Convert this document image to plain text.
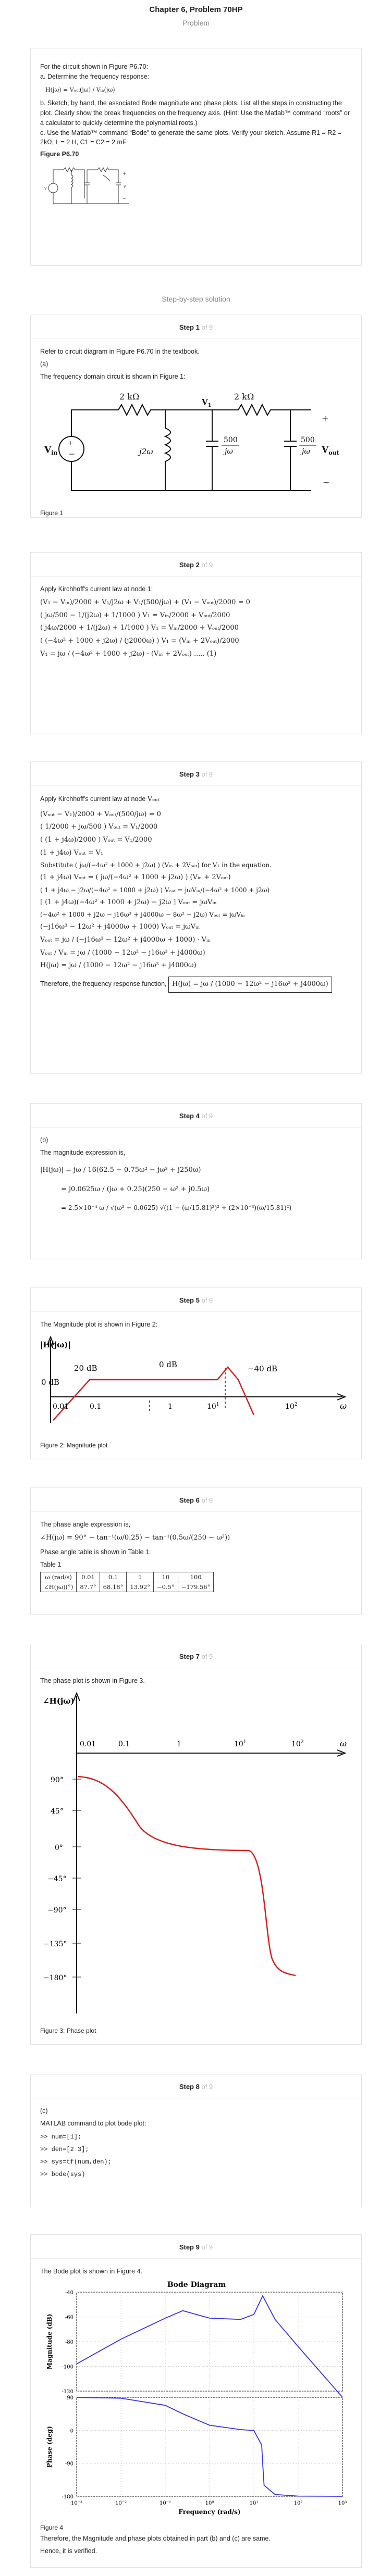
Chapter 6, Problem 70HP
Problem
For the circuit shown in Figure P6.70:
a. Determine the frequency response:
H(jω) = Vₒᵤₜ(jω) / Vᵢₙ(jω)
b. Sketch, by hand, the associated Bode magnitude and phase plots. List all the steps in constructing the plot. Clearly show the break frequencies on the frequency axis. (Hint: Use the Matlab™ command “roots” or a calculator to quickly determine the polynomial roots.)
c. Use the Matlab™ command “Bode” to generate the same plots. Verify your sketch. Assume R1 = R2 = 2kΩ, L = 2 H, C1 = C2 = 2 mF
Figure P6.70
v
+
v
−
Step-by-step solution
Step 1 of 9
Refer to circuit diagram in Figure P6.70 in the textbook.
(a)
The frequency domain circuit is shown in Figure 1:
+
−
$V_{in}$
2 kΩ	2 kΩ
j2ω
500
jω
500
jω
$V_1$
+
$V_{out}$
−
Figure 1
Step 2 of 9
Apply Kirchhoff's current law at node 1:
(V₁ − Vᵢₙ)/2000 + V₁/j2ω + V₁/(500/jω) + (V₁ − Vₒᵤₜ)/2000 = 0
( jω/500 − 1/(j2ω) + 1/1000 ) V₁ = Vᵢₙ/2000 + Vₒᵤₜ/2000
( j4ω/2000 + 1/(j2ω) + 1/1000 ) V₁ = Vᵢₙ/2000 + Vₒᵤₜ/2000
( (−4ω² + 1000 + j2ω) / (j2000ω) ) V₁ = (Vᵢₙ + 2Vₒᵤₜ)/2000
V₁ = jω / (−4ω² + 1000 + j2ω) · (Vᵢₙ + 2Vₒᵤₜ) ..... (1)
Step 3 of 9
Apply Kirchhoff's current law at node Vₒᵤₜ
(Vₒᵤₜ − V₁)/2000 + Vₒᵤₜ/(500/jω) = 0
( 1/2000 + jω/500 ) Vₒᵤₜ = V₁/2000
( (1 + j4ω)/2000 ) Vₒᵤₜ = V₁/2000
(1 + j4ω) Vₒᵤₜ = V₁
Substitute ( jω/(−4ω² + 1000 + j2ω) ) (Vᵢₙ + 2Vₒᵤₜ) for V₁ in the equation.
(1 + j4ω) Vₒᵤₜ = ( jω/(−4ω² + 1000 + j2ω) ) (Vᵢₙ + 2Vₒᵤₜ)
( 1 + j4ω − j2ω/(−4ω² + 1000 + j2ω) ) Vₒᵤₜ = jωVᵢₙ/(−4ω² + 1000 + j2ω)
[ (1 + j4ω)(−4ω² + 1000 + j2ω) − j2ω ] Vₒᵤₜ = jωVᵢₙ
(−4ω² + 1000 + j2ω − j16ω³ + j4000ω − 8ω² − j2ω) Vₒᵤₜ = jωVᵢₙ
(−j16ω³ − 12ω² + j4000ω + 1000) Vₒᵤₜ = jωVᵢₙ
Vₒᵤₜ = jω / (−j16ω³ − 12ω² + j4000ω + 1000) · Vᵢₙ
Vₒᵤₜ / Vᵢₙ = jω / (1000 − 12ω² − j16ω³ + j4000ω)
H(jω) = jω / (1000 − 12ω² − j16ω³ + j4000ω)
Therefore, the frequency response function, H(jω) = jω / (1000 − 12ω² − j16ω³ + j4000ω)
Step 4 of 9
(b)
The magnitude expression is,
|H(jω)| = jω / 16(62.5 − 0.75ω² − jω³ + j250ω)
= j0.0625ω / (jω + 0.25)(250 − ω² + j0.5ω)
= 2.5×10⁻⁴ ω / √(ω² + 0.0625) √((1 − (ω/15.81)²)² + (2×10⁻³)(ω/15.81)²)
Step 5 of 9
The Magnitude plot is shown in Figure 2:
|H(jω)|
0 dB
20 dB	0 dB	−40 dB
0.01	0.1	1	$10^1$	$10^2$	ω
Figure 2: Magnitude plot
Step 6 of 9
The phase angle expression is,
∠H(jω) = 90° − tan⁻¹(ω/0.25) − tan⁻¹(0.5ω/(250 − ω²))
Phase angle table is shown in Table 1:
Table 1
ω (rad/s)	0.01	0.1	1	10	100
∠H(jω)(°)	87.7°	68.18°	13.92°	−0.5°	−179.56°
Step 7 of 9
The phase plot is shown in Figure 3.
∠H(jω)
90°
45°
0°
−45°
−90°
−135°
−180°
0.01	0.1	1	$10^1$	$10^2$	ω
Figure 3: Phase plot
Step 8 of 9
(c)
MATLAB command to plot bode plot:
>> num=[1];
>> den=[2 3];
>> sys=tf(num,den);
>> bode(sys)
Step 9 of 9
The Bode plot is shown in Figure 4.
Bode Diagram
-40
-60
-80
-100
-120
90
0
-90
-180
10⁻³	10⁻²	10⁻¹	10⁰	10¹	10²	10³
Magnitude (dB)
Phase (deg)
Frequency (rad/s)
Figure 4
Therefore, the Magnitude and phase plots obtained in part (b) and (c) are same.
Hence, it is verified.
